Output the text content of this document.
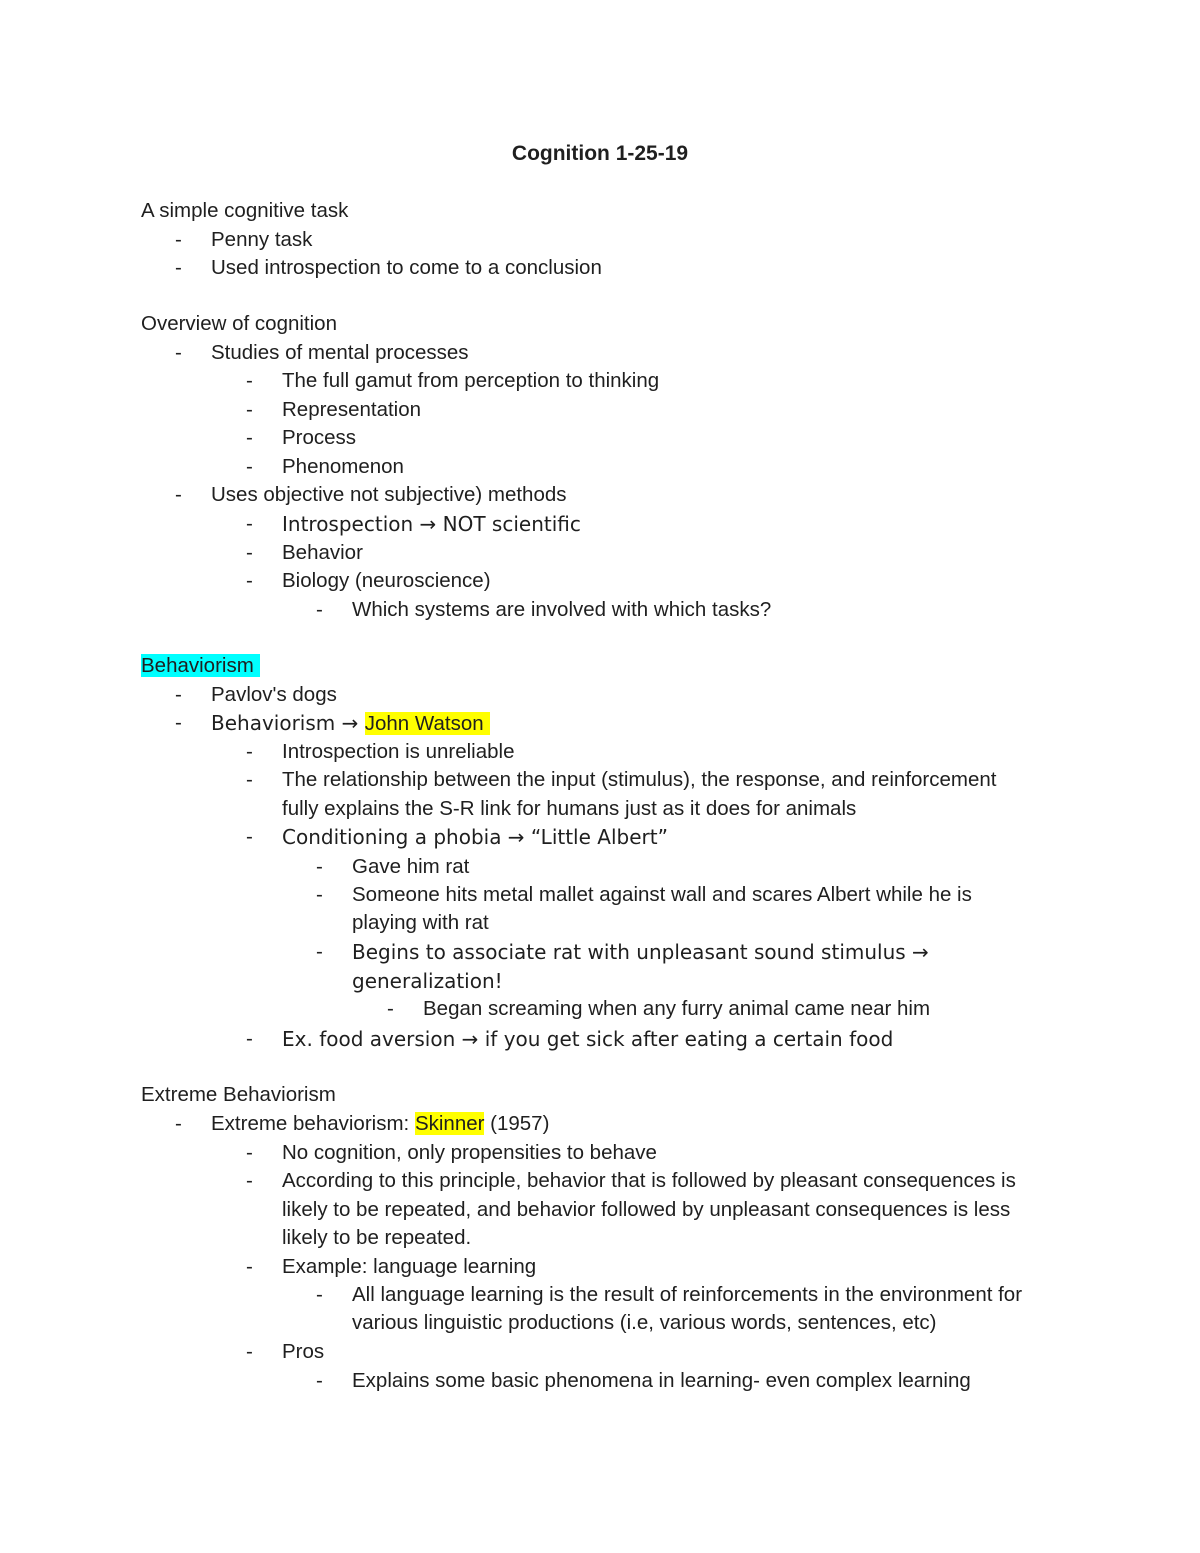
Cognition 1-25-19
A simple cognitive task
- Penny task
- Used introspection to come to a conclusion
Overview of cognition
- Studies of mental processes
- The full gamut from perception to thinking
- Representation
- Process
- Phenomenon
- Uses objective not subjective) methods
- Introspection → NOT scientific
- Behavior
- Biology (neuroscience)
- Which systems are involved with which tasks?
Behaviorism
- Pavlov's dogs
- Behaviorism → John Watson
- Introspection is unreliable
- The relationship between the input (stimulus), the response, and reinforcement
fully explains the S-R link for humans just as it does for animals
- Conditioning a phobia → “Little Albert”
- Gave him rat
- Someone hits metal mallet against wall and scares Albert while he is
playing with rat
- Begins to associate rat with unpleasant sound stimulus →
generalization!
- Began screaming when any furry animal came near him
- Ex. food aversion → if you get sick after eating a certain food
Extreme Behaviorism
- Extreme behaviorism: Skinner (1957)
- No cognition, only propensities to behave
- According to this principle, behavior that is followed by pleasant consequences is
likely to be repeated, and behavior followed by unpleasant consequences is less
likely to be repeated.
- Example: language learning
- All language learning is the result of reinforcements in the environment for
various linguistic productions (i.e, various words, sentences, etc)
- Pros
- Explains some basic phenomena in learning- even complex learning
